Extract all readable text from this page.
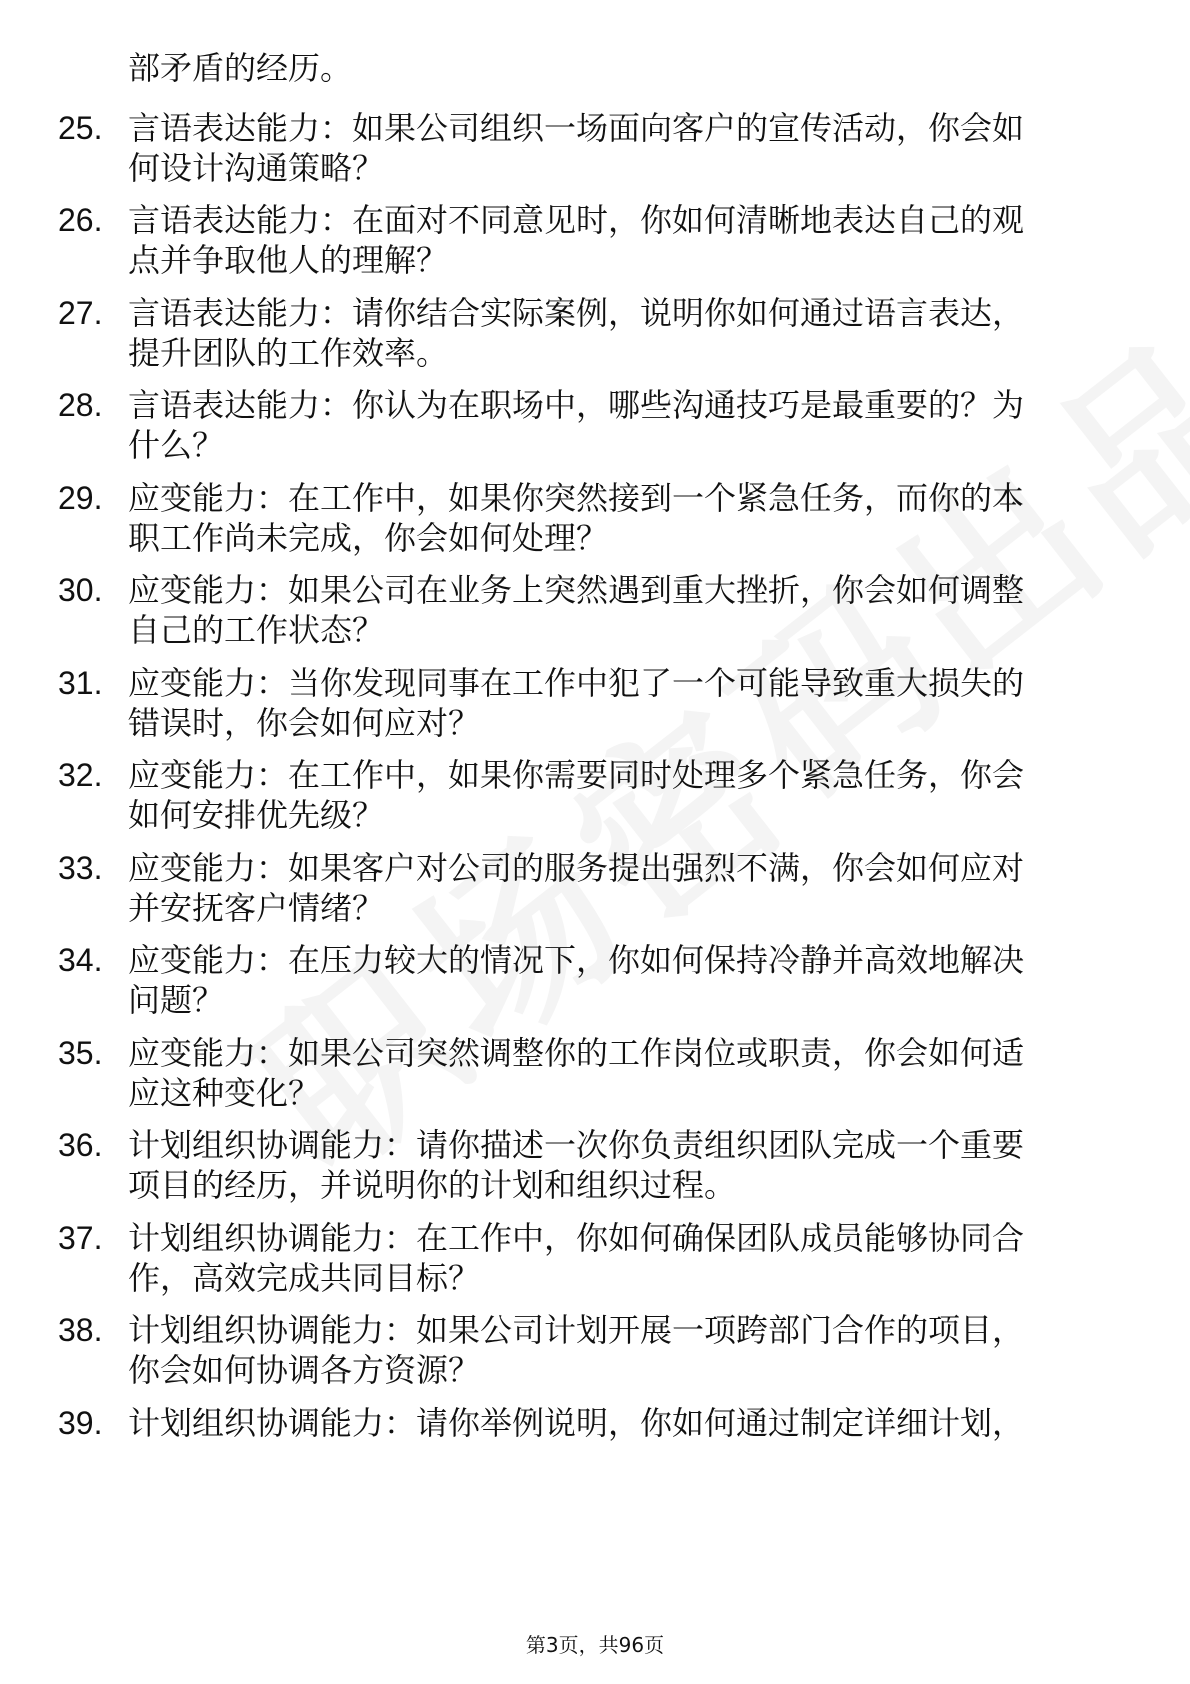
部矛盾的经历。
25. 言语表达能力：如果公司组织一场面向客户的宣传活动，你会如
何设计沟通策略？
26. 言语表达能力：在面对不同意见时，你如何清晰地表达自己的观
点并争取他人的理解？
27. 言语表达能力：请你结合实际案例，说明你如何通过语言表达，
提升团队的工作效率。
28. 言语表达能力：你认为在职场中，哪些沟通技巧是最重要的？为
什么？
29. 应变能力：在工作中，如果你突然接到一个紧急任务，而你的本
职工作尚未完成，你会如何处理？
30. 应变能力：如果公司在业务上突然遇到重大挫折，你会如何调整
自己的工作状态？
31. 应变能力：当你发现同事在工作中犯了一个可能导致重大损失的
错误时，你会如何应对？
32. 应变能力：在工作中，如果你需要同时处理多个紧急任务，你会
如何安排优先级？
33. 应变能力：如果客户对公司的服务提出强烈不满，你会如何应对
并安抚客户情绪？
34. 应变能力：在压力较大的情况下，你如何保持冷静并高效地解决
问题？
35. 应变能力：如果公司突然调整你的工作岗位或职责，你会如何适
应这种变化？
36. 计划组织协调能力：请你描述一次你负责组织团队完成一个重要
项目的经历，并说明你的计划和组织过程。
37. 计划组织协调能力：在工作中，你如何确保团队成员能够协同合
作，高效完成共同目标？
38. 计划组织协调能力：如果公司计划开展一项跨部门合作的项目，
你会如何协调各方资源？
39. 计划组织协调能力：请你举例说明，你如何通过制定详细计划，
第3页，共96页
